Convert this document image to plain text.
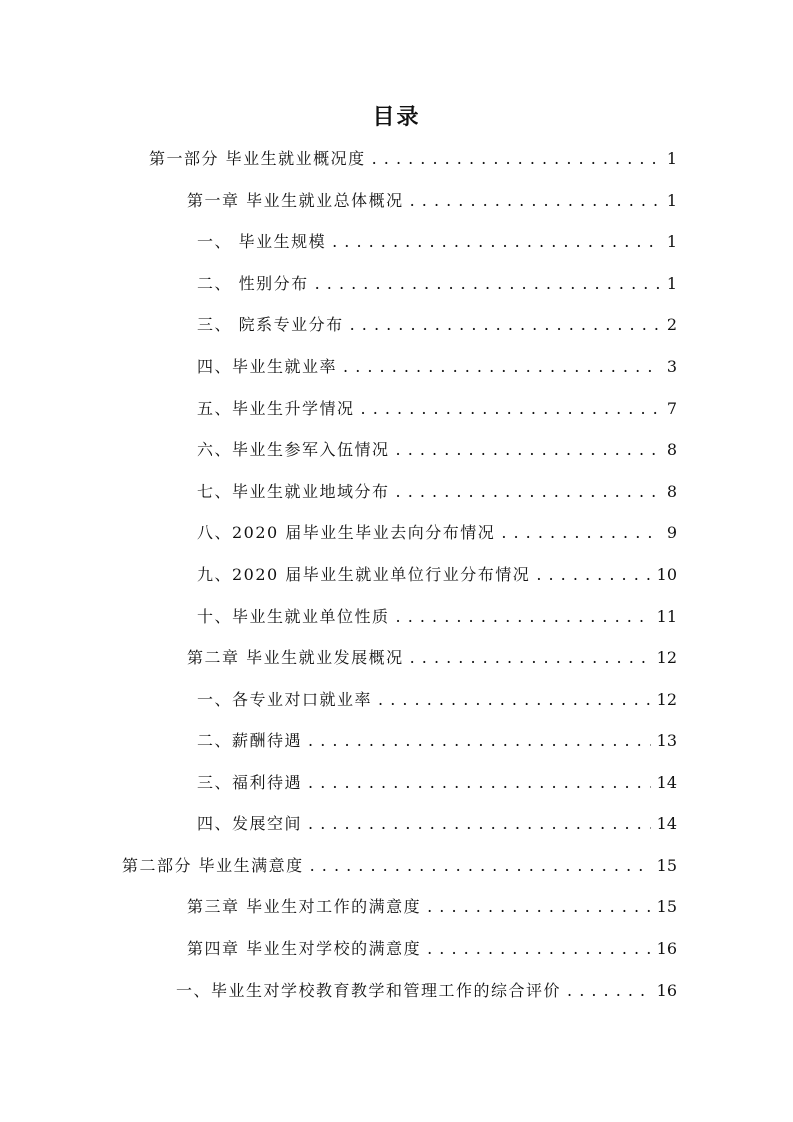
目录
第一部分 毕业生就业概况度 . . .	1
第一章 毕业生就业总体概况 . . .	1
一、 毕业生规模 . . .	1
二、 性别分布 . . .	1
三、 院系专业分布 . . .	2
四、毕业生就业率 . . .	3
五、毕业生升学情况 . . .	7
六、毕业生参军入伍情况 . . .	8
七、毕业生就业地域分布 . . .	8
八、2020 届毕业生毕业去向分布情况 . . .	9
九、2020 届毕业生就业单位行业分布情况 . . .	10
十、毕业生就业单位性质 . . .	11
第二章 毕业生就业发展概况 . . .	12
一、各专业对口就业率 . . .	12
二、薪酬待遇 . . .	13
三、福利待遇 . . .	14
四、发展空间 . . .	14
第二部分 毕业生满意度 . . .	15
第三章 毕业生对工作的满意度 . . .	15
第四章 毕业生对学校的满意度 . . .	16
一、毕业生对学校教育教学和管理工作的综合评价 . . .	16
